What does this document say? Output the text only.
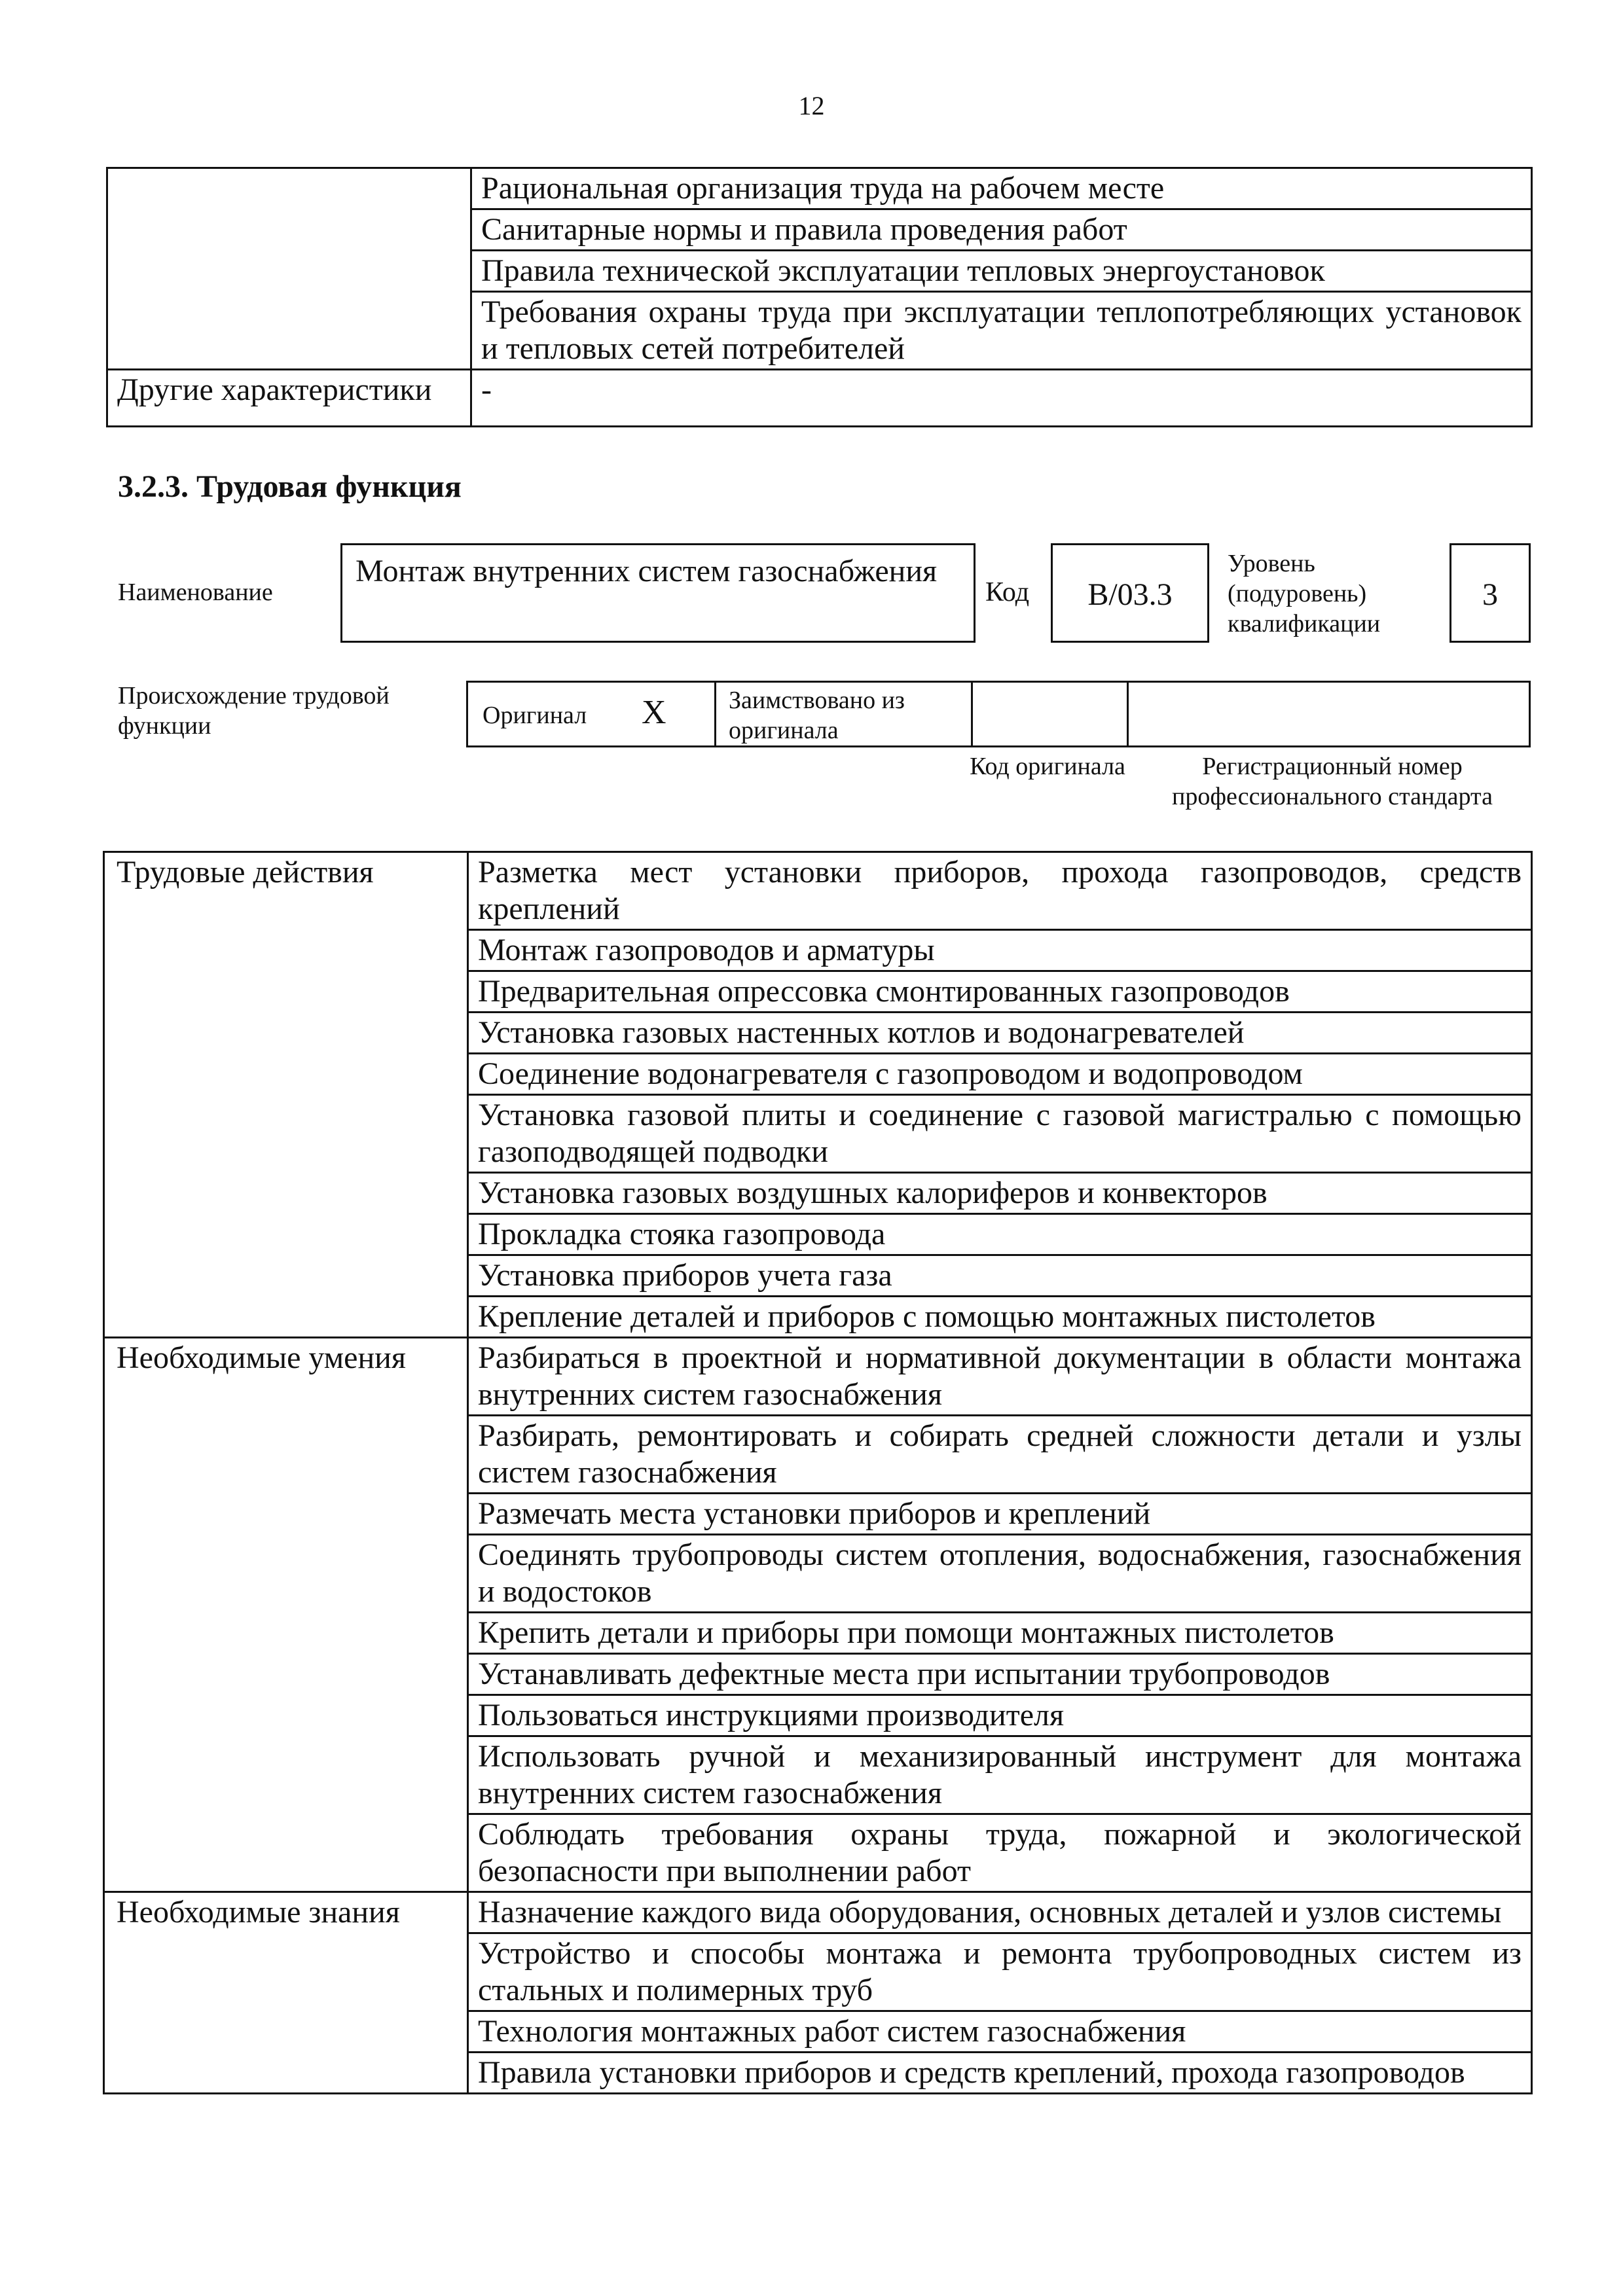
12
	Рациональная организация труда на рабочем месте
	Санитарные нормы и правила проведения работ
	Правила технической эксплуатации тепловых энергоустановок
	Требования охраны труда при эксплуатации теплопотребляющих установок и тепловых сетей потребителей
Другие характеристики	-
3.2.3. Трудовая функция
Наименование
Монтаж внутренних систем газоснабжения
Код	B/03.3
Уровень (подуровень) квалификации
3
Происхождение трудовой функции	Оригинал X	Заимствовано из оригинала
Код оригинала	Регистрационный номер профессионального стандарта
Трудовые действия	Разметка мест установки приборов, прохода газопроводов, средств креплений
	Монтаж газопроводов и арматуры
	Предварительная опрессовка смонтированных газопроводов
	Установка газовых настенных котлов и водонагревателей
	Соединение водонагревателя с газопроводом и водопроводом
	Установка газовой плиты и соединение с газовой магистралью с помощью газоподводящей подводки
	Установка газовых воздушных калориферов и конвекторов
	Прокладка стояка газопровода
	Установка приборов учета газа
	Крепление деталей и приборов с помощью монтажных пистолетов
Необходимые умения	Разбираться в проектной и нормативной документации в области монтажа внутренних систем газоснабжения
	Разбирать, ремонтировать и собирать средней сложности детали и узлы систем газоснабжения
	Размечать места установки приборов и креплений
	Соединять трубопроводы систем отопления, водоснабжения, газоснабжения и водостоков
	Крепить детали и приборы при помощи монтажных пистолетов
	Устанавливать дефектные места при испытании трубопроводов
	Пользоваться инструкциями производителя
	Использовать ручной и механизированный инструмент для монтажа внутренних систем газоснабжения
	Соблюдать требования охраны труда, пожарной и экологической безопасности при выполнении работ
Необходимые знания	Назначение каждого вида оборудования, основных деталей и узлов системы
	Устройство и способы монтажа и ремонта трубопроводных систем из стальных и полимерных труб
	Технология монтажных работ систем газоснабжения
	Правила установки приборов и средств креплений, прохода газопроводов
